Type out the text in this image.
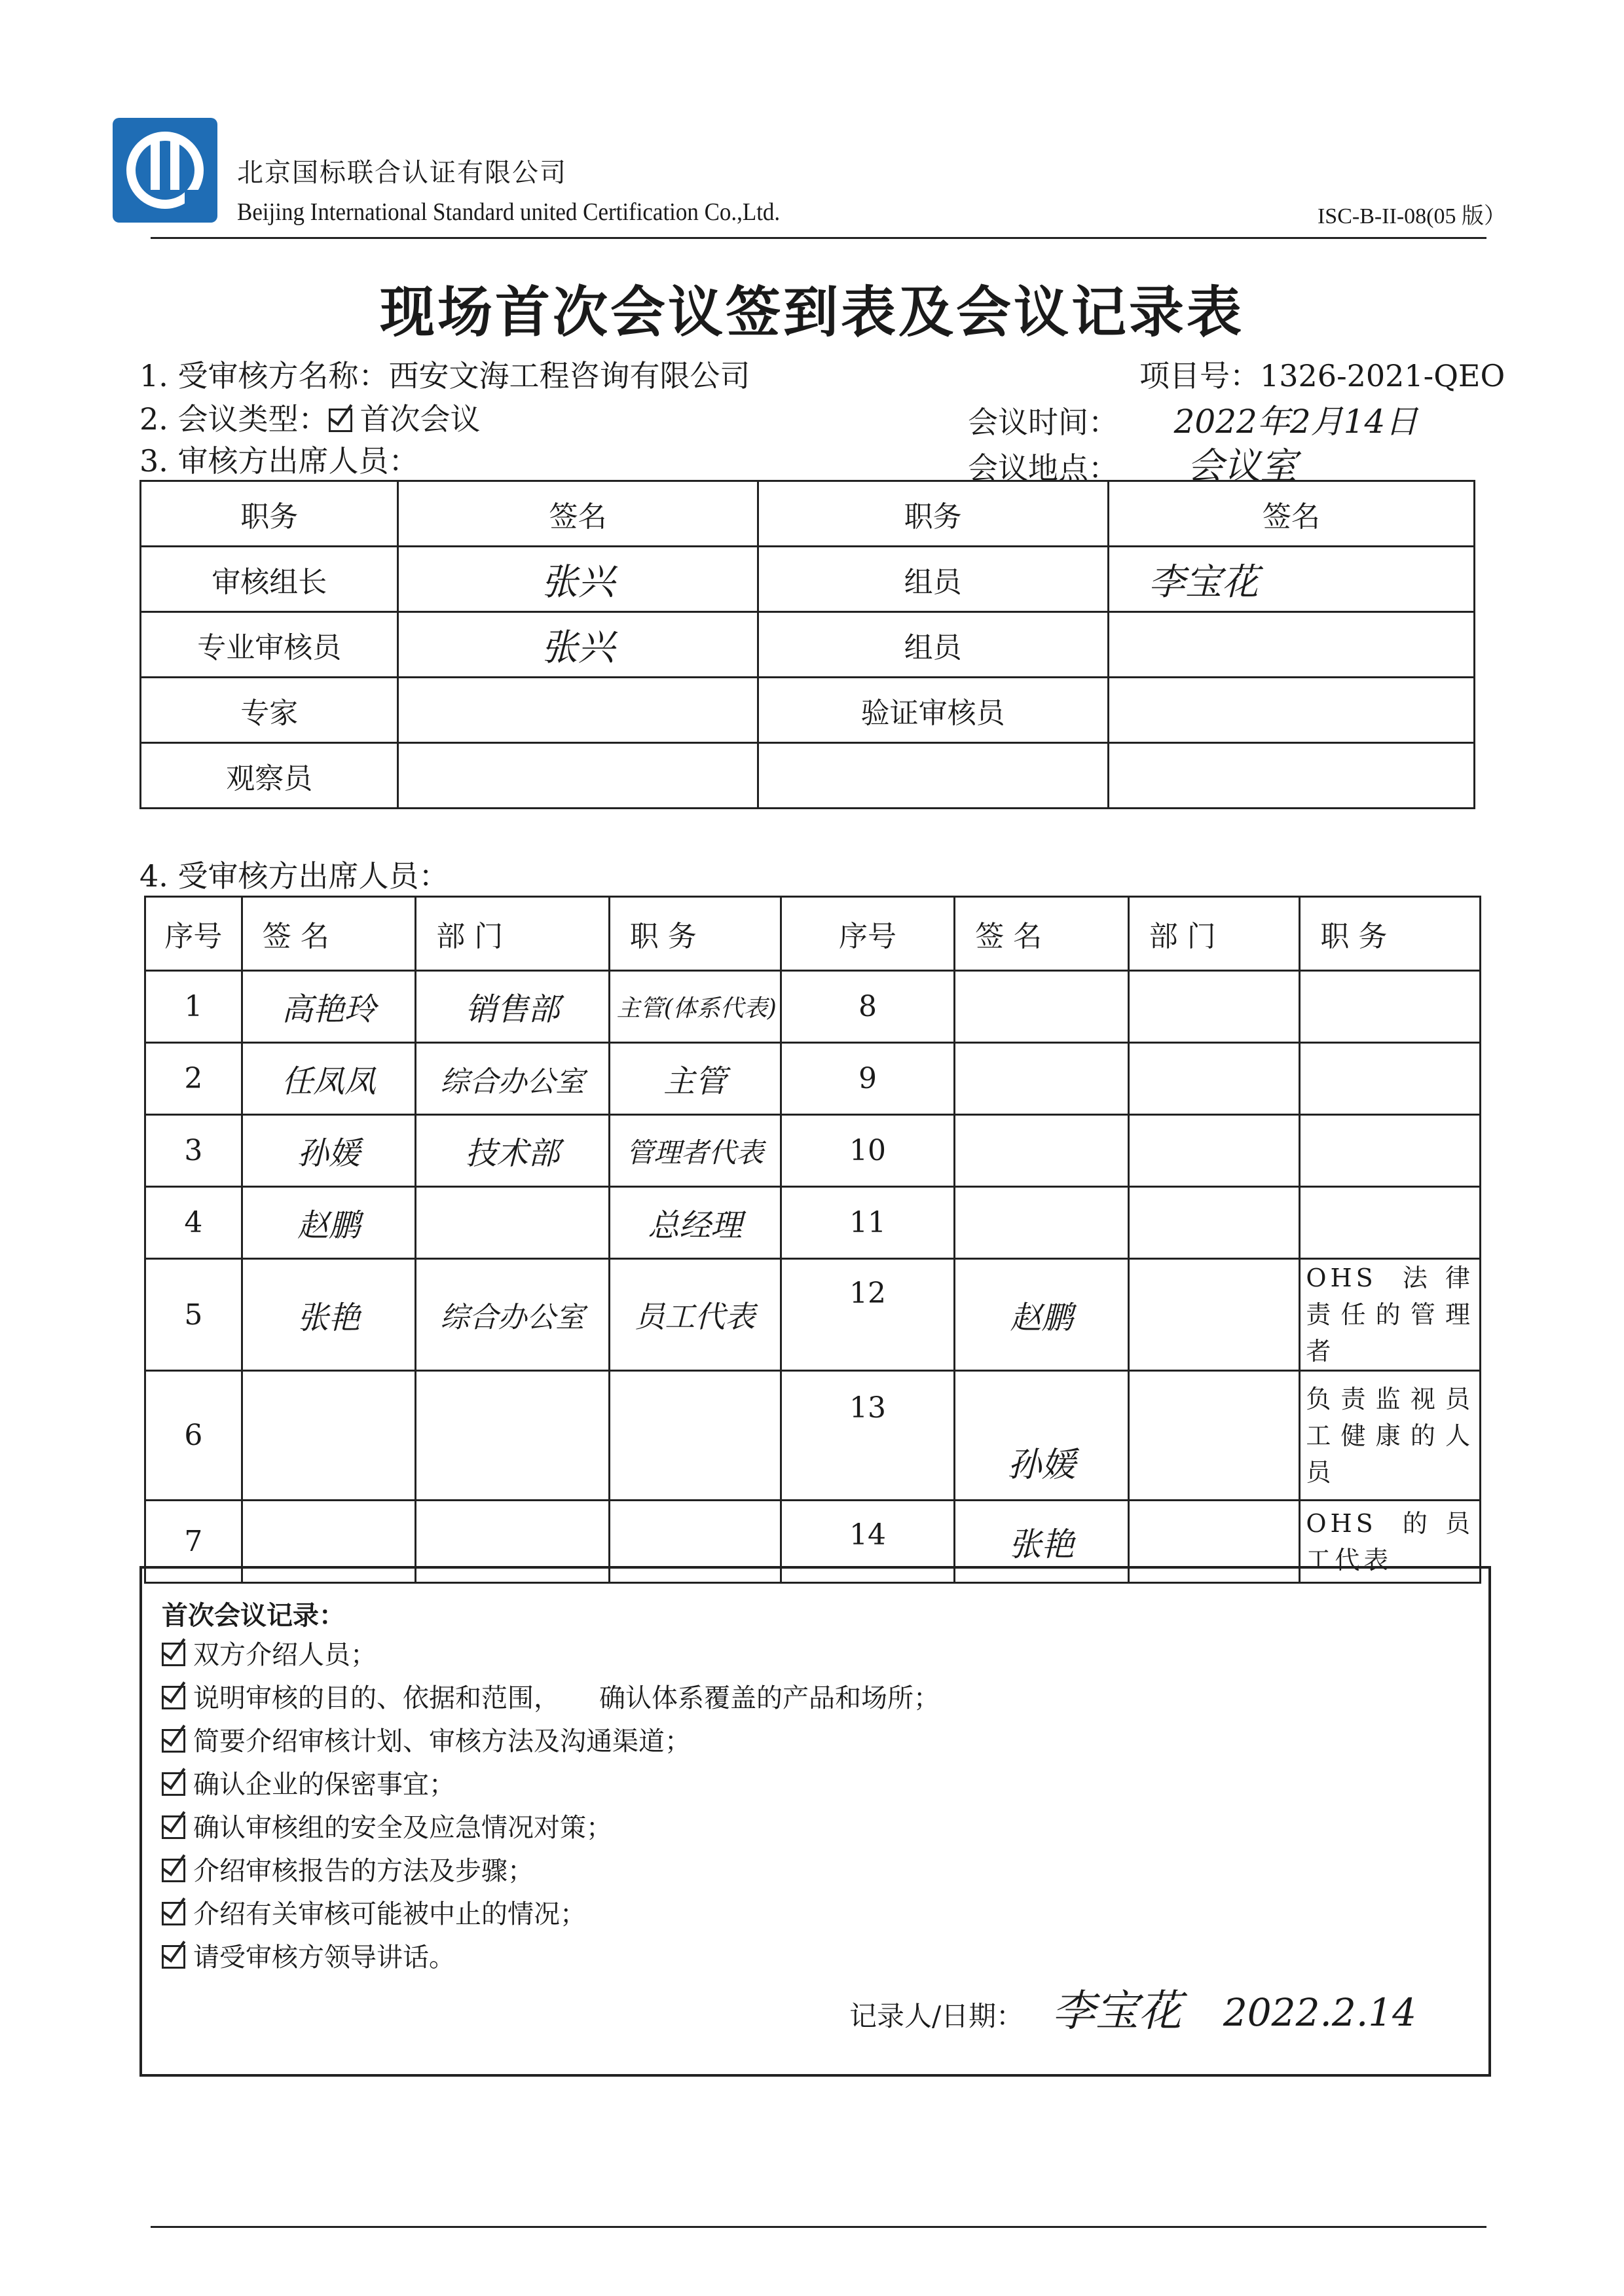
北京国标联合认证有限公司
Beijing International Standard united Certification Co.,Ltd.	ISC-B-II-08(05 版）
现场首次会议签到表及会议记录表
1. 受审核方名称：西安文海工程咨询有限公司	项目号：1326-2021-QEO
2. 会议类型： 首次会议	会议时间： 2022年2月14日
3. 审核方出席人员：	会议地点： 会议室
职务	签名	职务	签名
审核组长	张兴	组员	李宝花
专业审核员	张兴	组员	
专家		验证审核员	
观察员			
4. 受审核方出席人员：
序号	签 名	部 门	职 务	序号	签 名	部 门	职 务

1	高艳玲	销售部	主管(体系代表)	8			
2	任凤凤	综合办公室	主管	9			
3	孙媛	技术部	管理者代表	10			
4	赵鹏		总经理	11			
5	张艳	综合办公室	员工代表	12	赵鹏		OHS 法律责任的管理者
6				13	孙媛		负责监视员工健康的人员
7				14	张艳		OHS 的员工代表
首次会议记录：
双方介绍人员；
说明审核的目的、依据和范围，　　确认体系覆盖的产品和场所；
简要介绍审核计划、审核方法及沟通渠道；
确认企业的保密事宜；
确认审核组的安全及应急情况对策；
介绍审核报告的方法及步骤；
介绍有关审核可能被中止的情况；
请受审核方领导讲话。
记录人/日期： 李宝花 2022.2.14
